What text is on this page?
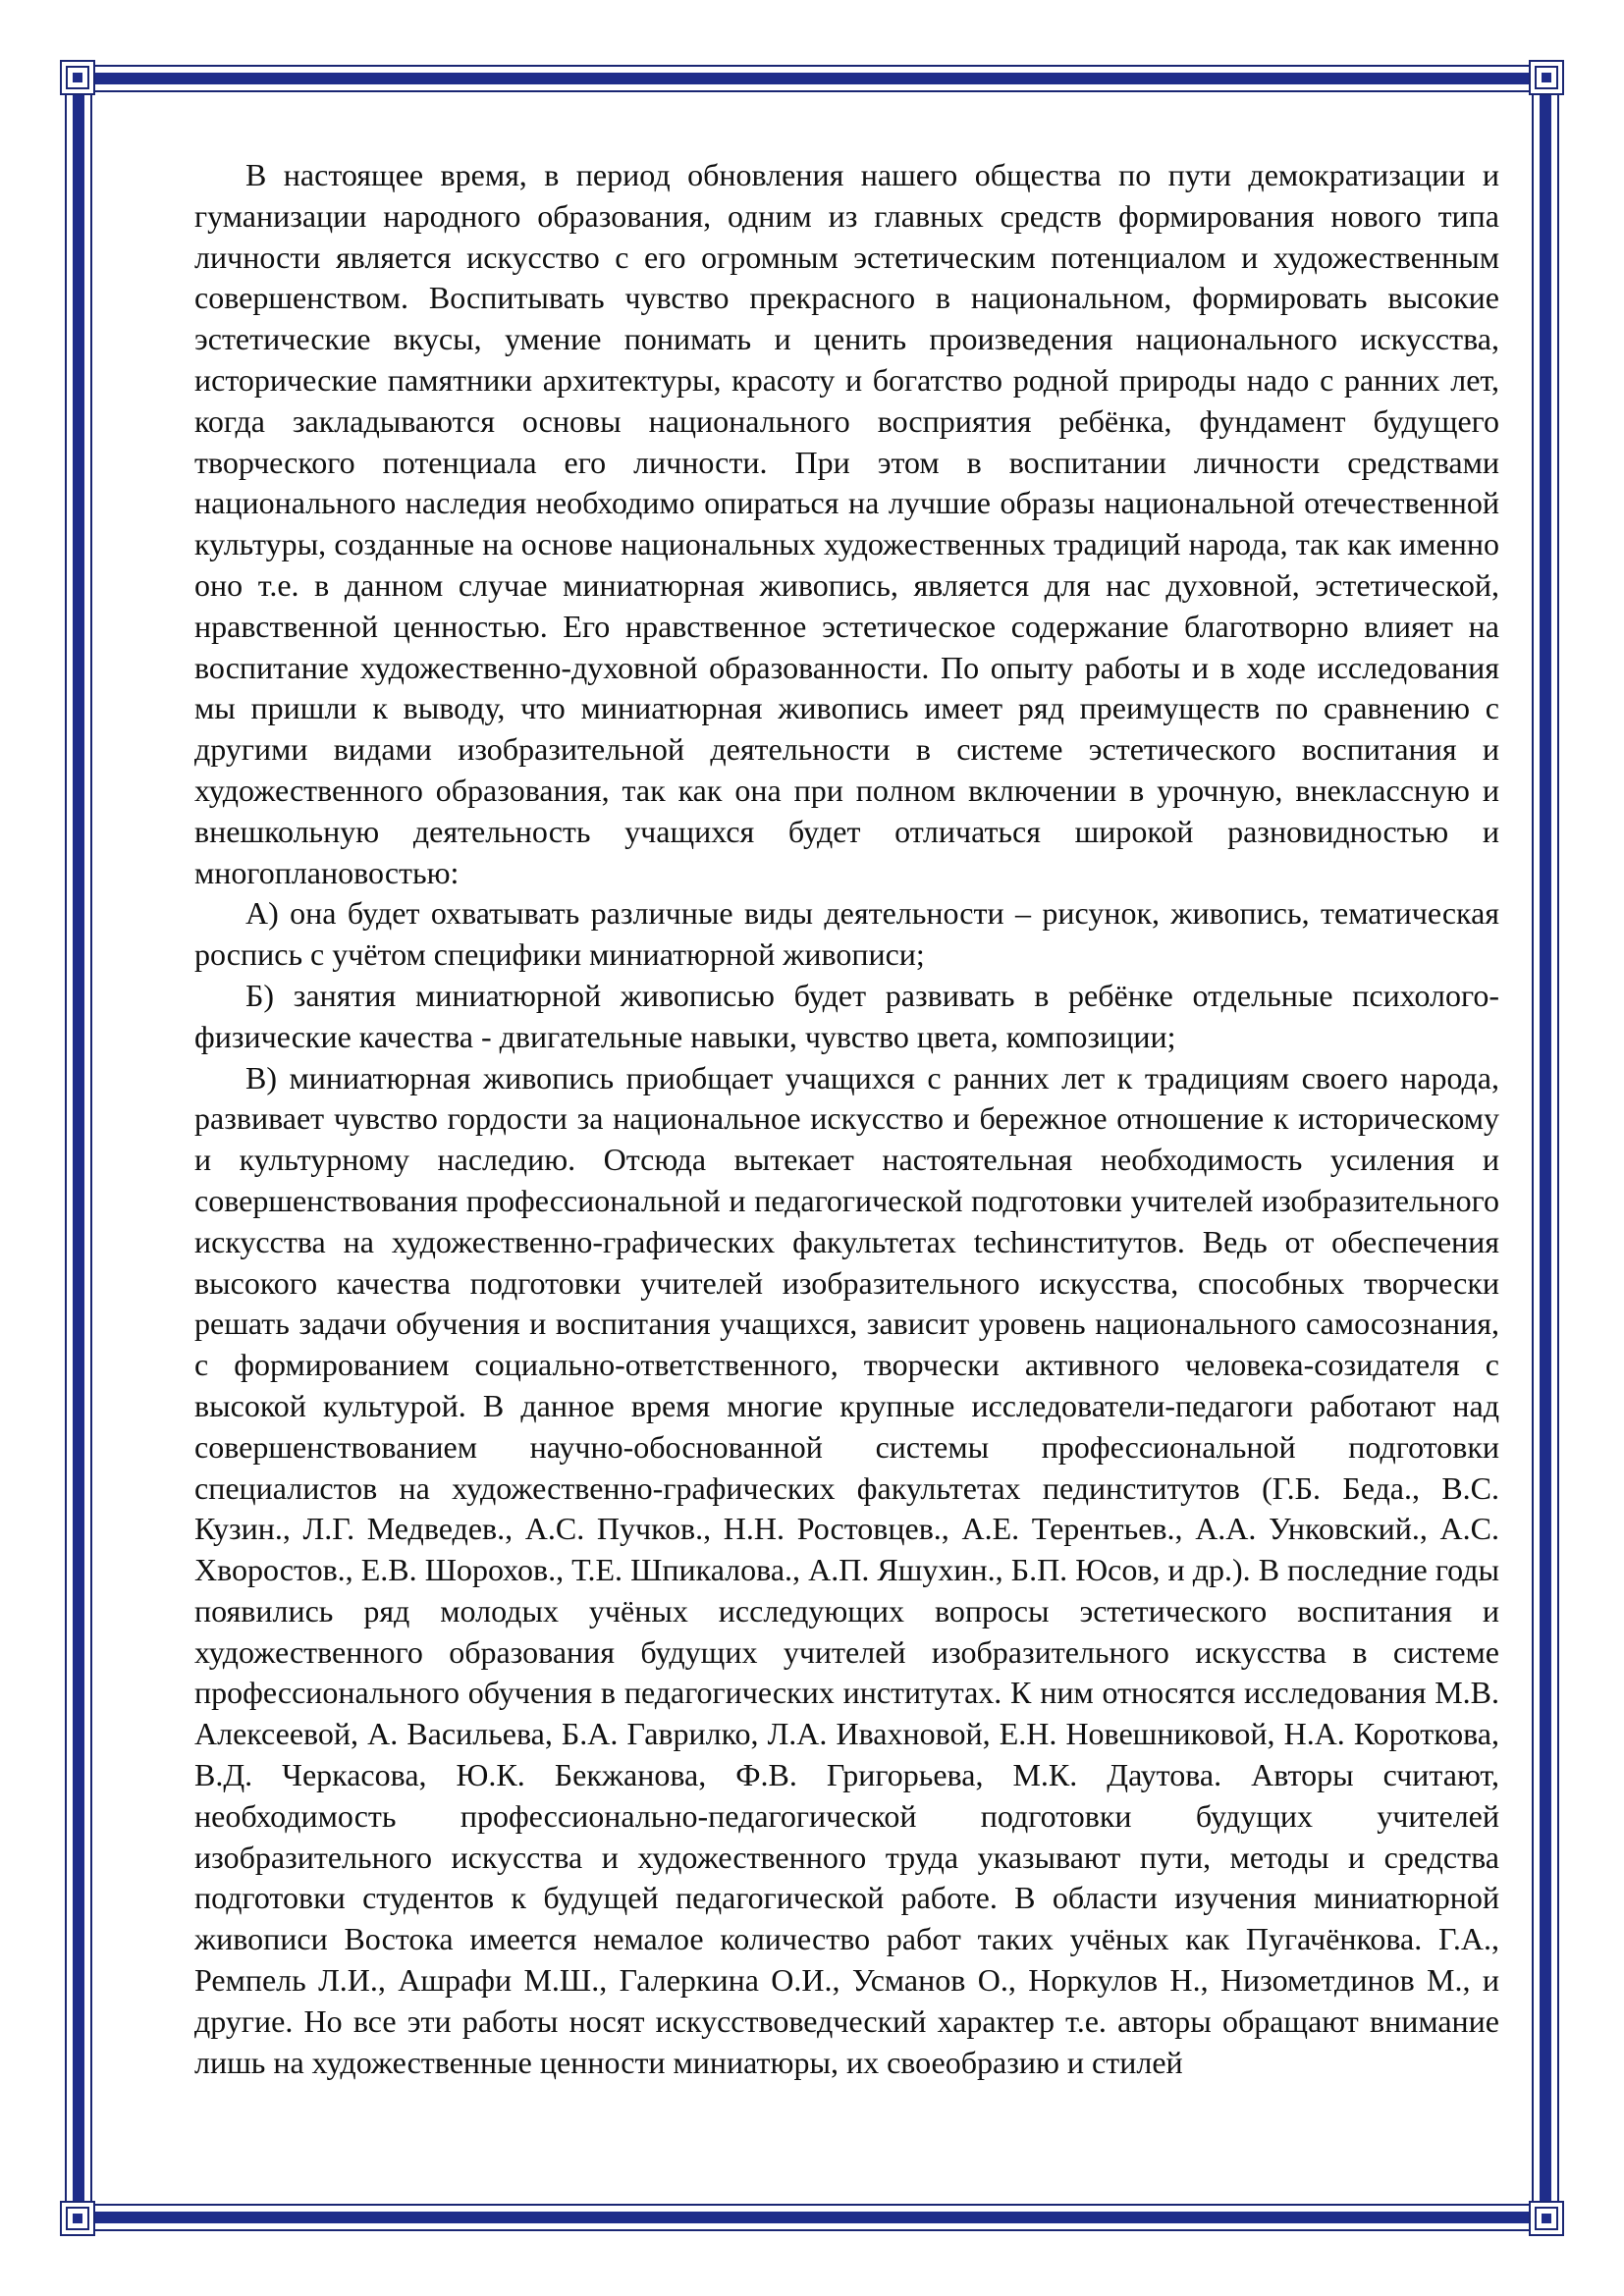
В настоящее время, в период обновления нашего общества по пути демократизации и гуманизации народного образования, одним из главных средств формирования нового типа личности является искусство с его огромным эстетическим потенциалом и художественным совершенством. Воспитывать чувство прекрасного в национальном, формировать высокие эстетические вкусы, умение понимать и ценить произведения национального искусства, исторические памятники архитектуры, красоту и богатство родной природы надо с ранних лет, когда закладываются основы национального восприятия ребёнка, фундамент будущего творческого потенциала его личности. При этом в воспитании личности средствами национального наследия необходимо опираться на лучшие образы национальной отечественной культуры, созданные на основе национальных художественных традиций народа, так как именно оно т.е. в данном случае миниатюрная живопись, является для нас духовной, эстетической, нравственной ценностью. Его нравственное эстетическое содержание благотворно влияет на воспитание художественно-духовной образованности. По опыту работы и в ходе исследования мы пришли к выводу, что миниатюрная живопись имеет ряд преимуществ по сравнению с другими видами изобразительной деятельности в системе эстетического воспитания и художественного образования, так как она при полном включении в урочную, внеклассную и внешкольную деятельность учащихся будет отличаться широкой разновидностью и многоплановостью:

А) она будет охватывать различные виды деятельности – рисунок, живопись, тематическая роспись с учётом специфики миниатюрной живописи;

Б) занятия миниатюрной живописью будет развивать в ребёнке отдельные психолого-физические качества - двигательные навыки, чувство цвета, композиции;

В) миниатюрная живопись приобщает учащихся с ранних лет к традициям своего народа, развивает чувство гордости за национальное искусство и бережное отношение к историческому и культурному наследию. Отсюда вытекает настоятельная необходимость усиления и совершенствования профессиональной и педагогической подготовки учителей изобразительного искусства на художественно-графических факультетах techинститутов. Ведь от обеспечения высокого качества подготовки учителей изобразительного искусства, способных творчески решать задачи обучения и воспитания учащихся, зависит уровень национального самосознания, с формированием социально-ответственного, творчески активного человека-созидателя с высокой культурой. В данное время многие крупные исследователи-педагоги работают над совершенствованием научно-обоснованной системы профессиональной подготовки специалистов на художественно-графических факультетах пединститутов (Г.Б. Беда., В.С. Кузин., Л.Г. Медведев., А.С. Пучков., Н.Н. Ростовцев., А.Е. Терентьев., А.А. Унковский., А.С. Хворостов., Е.В. Шорохов., Т.Е. Шпикалова., А.П. Яшухин., Б.П. Юсов, и др.). В последние годы появились ряд молодых учёных исследующих вопросы эстетического воспитания и художественного образования будущих учителей изобразительного искусства в системе профессионального обучения в педагогических институтах. К ним относятся исследования М.В. Алексеевой, А. Васильева, Б.А. Гаврилко, Л.А. Ивахновой, Е.Н. Новешниковой, Н.А. Короткова, В.Д. Черкасова, Ю.К. Бекжанова, Ф.В. Григорьева, М.К. Даутова. Авторы считают, необходимость профессионально-педагогической подготовки будущих учителей изобразительного искусства и художественного труда указывают пути, методы и средства подготовки студентов к будущей педагогической работе. В области изучения миниатюрной живописи Востока имеется немалое количество работ таких учёных как Пугачёнкова. Г.А., Ремпель Л.И., Ашрафи М.Ш., Галеркина О.И., Усманов О., Норкулов Н., Низометдинов М., и другие. Но все эти работы носят искусствоведческий характер т.е. авторы обращают внимание лишь на художественные ценности миниатюры, их своеобразию и стилей
